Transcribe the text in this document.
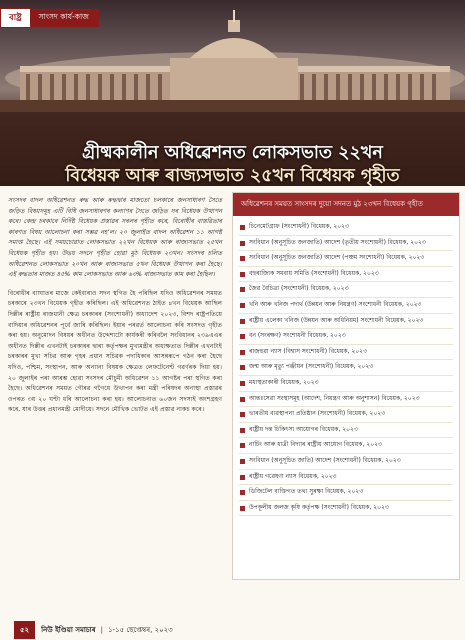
বাষ্ট্র	সাংসদ কার্য-কাজ
গ্রীষ্মকালীন অধিৱেশনত লোকসভাত ২২খন
বিধেয়ক আৰু ৰাজ্যসভাত ২৫খন বিধেয়ক গৃহীত

সংসদৰ বাদল অধিৱেশনত ৰুদ্ধ আৰু ৰুদ্ধদ্বাৰ মাজতো চলকাৰে জনসাধাৰণ সৈতে জড়িত বিষয়সমূহ এটি বিধি জনসাধাৰণৰ কল্যাণৰ সৈতে জড়িত সৰ বিধেয়ক উত্থাপন কৰে। কেন্দ্ৰ চৰকাৰে নিৰ্দিষ্ট বিধেয়ক প্ৰস্তাৱৰ সৰলৰ গৃহীত কৰে, বিৰোধীৰ বাস্তৱিতাৰ কাৰণত বিষয় আলোচনা কৰা সম্ভৱ নহ’ল। ২০ জুলাইত বাদল অধিৱেশন ১১ আগষ্ট সমাপ্ত হৈছে। এই সময়চোৱাত লোকসভাত ২২খন বিধেয়ক আৰু ৰাজ্যসভাত ২৫খন বিধেয়ক গৃহীত হয়। উভয় সদনে গৃহীত হোৱা মুঠ বিধেয়ক ২৩খন। সংসদৰ চলিত অধিৱেশনত লোকসভাত ২০খন আৰু ৰাজ্যসভাত ৫খন বিধেয়ক উত্থাপন কৰা হৈছে। এই ৰুদ্ধতাৰ মাজত ৪৫% কাম লোকসভাত আৰু ৬৩% ৰাজ্যসভাত কাম কৰা হৈছিল।

বিৰোধীৰ ব্যাঘাতৰ মাজে কেইবাৰাও সদন স্থগিত হৈ পৰিছিল যদিও অধিৱেশনৰ সময়ত চৰকাৰে ২৩খন বিধেয়ক গৃহীত কৰিছিল। এই অধিৱেশনত ঠাইত ৪খন বিধেয়ক আছিল দিল্লীৰ ৰাষ্ট্ৰীয় ৰাজধানী ক্ষেত্ৰ চৰকাৰৰ (সংশোধনী) অধ্যাদেশ ২০২৩, বিশদ ৰাষ্ট্ৰপতিয়ে বাদিয়াৰ অধিৱেশনৰ পূৰ্বে জাৰি কৰিছিল। ইয়াৰ পৰৱৰ্ত আলোচনা কৰি সংসদত গৃহীত কৰা হয়। অনুমোদন বিষয়ৰ অধীনত উদ্দেশ্যটো কাৰ্যকৰী কৰিবলৈ সংবিধানৰ ২৩৯এএৰ অধীনত দিল্লীৰ এখনটাই চৰকাৰৰ দ্বাৰা কৰ্তৃপক্ষৰ মুখ্যমন্ত্ৰীৰ অধ্যক্ষতাত দিল্লীৰ এখনটাই চৰকাৰৰ মুখ্য সচিৱ আৰু গৃহৰ প্ৰধান সচিৱক পদাধিকাৰ আসন্নৰূপে গঠন কৰা হৈছে যদিও, পশ্চিম, সংস্থাপন, আৰু অন্যান্য বিষয়ক ক্ষেত্ৰত লেফটেনেণ্ট গৱৰ্ণৰক দিয়া হয়। ২০ জুলাইৰ পৰা আৰম্ভ হোৱা সংসদৰ মৌচুমী অধিৱেশন ১১ আগষ্টৰ পৰা স্থগিত কৰা হৈছে। অধিৱেশনৰ সময়ত গৌৰৱ গগৈয়ে উত্থাপন কৰা মন্ত্ৰী পৰিষদৰ অনাস্থা প্ৰস্তাৱৰ ওপৰত ৩য় ২০ ঘণ্টা ধৰি আলোচনা কৰা হয়। আলোচনাত ৬০জন সদস্যই অংশগ্ৰহণ কৰে, যাৰ উত্তৰ প্ৰধানমন্ত্ৰী মোদীয়ে। সদনে মৌখিক ভোটত এই প্ৰস্তাৱ নাকচ কৰে।

অধিৱেশনৰ সময়ত সাংসদৰ দুয়ো সদনত মুঠ ২৩খন বিধেয়ক গৃহীত
চিনেমেটগ্ৰাফ (সংশোধনী) বিধেয়ক, ২০২৩
সংবিধান (অনুসূচিত জনজাতি) আদেশ (তৃতীয় সংশোধনী) বিধেয়ক, ২০২৩
সংবিধান (অনুসূচিত জনজাতি) আদেশ (পঞ্চম সংশোধনী) বিধেয়ক, ২০২৩
বহুৰাজ্যিক সমবায় সমিতি (সংশোধনী) বিধেয়ক, ২০২৩
জৈৱ বৈচিত্ৰ্য (সংশোধনী) বিধেয়ক, ২০২৩
খনি আৰু খনিজ পদাৰ্থ (উন্নয়ন আৰু নিয়ন্ত্ৰণ) সংশোধনী বিধেয়ক, ২০২৩
ৰাষ্ট্ৰীয় এলেকা খনিজ (উন্নয়ন আৰু অধিনিয়ম) সংশোধনী বিধেয়ক, ২০২৩
বন (সংৰক্ষণ) সংশোধনী বিধেয়ক, ২০২৩
ৰাজহুৱা ন্যাস (বিশ্বাস সংশোধনী) বিধেয়ক, ২০২৩
জন্ম আৰু মৃত্যু পঞ্জীয়ন (সংশোধনী) বিধেয়ক, ২০২৩
মধ্যস্থতাকাৰী বিধেয়ক, ২০২৩
আন্তঃসেৱা সংস্থাসমূহ (আদেশ, নিয়ন্ত্ৰণ আৰু অনুশাসন) বিধেয়ক, ২০২৩
ভাৰতীয় ব্যৱস্থাপনা প্ৰতিষ্ঠান (সংশোধনী) বিধেয়ক, ২০২৩
ৰাষ্ট্ৰীয় দন্ত চিকিৎসা আয়োগৰ বিধেয়ক, ২০২৩
নাৰ্চিং আৰু ধাত্ৰী বিদ্যাৰ ৰাষ্ট্ৰীয় আয়োগ বিধেয়ক, ২০২৩
সংবিধান (অনুসূচিত জাতি) আদেশ (সংশোধনী) বিধেয়ক, ২০২৩
ৰাষ্ট্ৰীয় গৱেষণা ন্যাস বিধেয়ক, ২০২৩
ডিজিটেল ব্যক্তিগত তথ্য সুৰক্ষা বিধেয়ক, ২০২৩
উপকূলীয় জলজ কৃষি কৰ্তৃপক্ষ (সংশোধনী) বিধেয়ক, ২০২৩
৫২	নিউ ইণ্ডিয়া সমাচাৰ | ১-১৫ ছেপ্তেম্বৰ, ২০২৩
